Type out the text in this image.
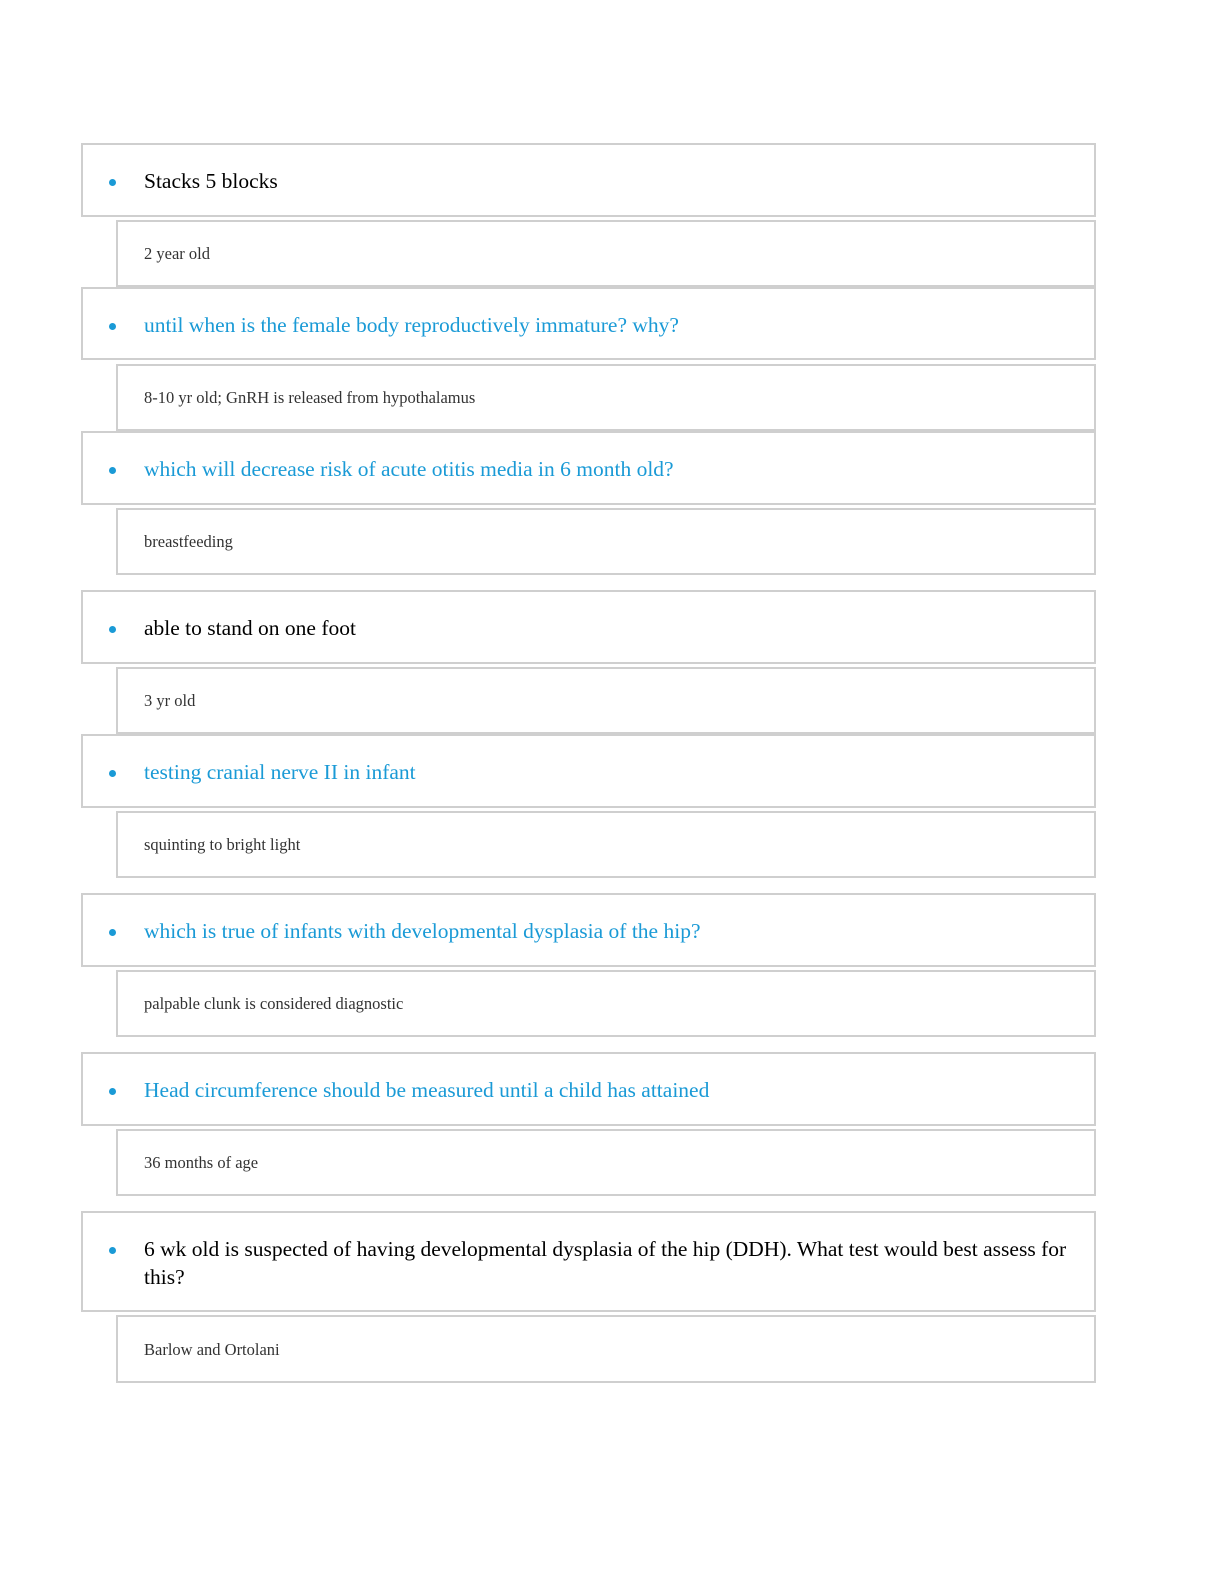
Stacks 5 blocks
2 year old
until when is the female body reproductively immature? why?
8-10 yr old; GnRH is released from hypothalamus
which will decrease risk of acute otitis media in 6 month old?
breastfeeding
able to stand on one foot
3 yr old
testing cranial nerve II in infant
squinting to bright light
which is true of infants with developmental dysplasia of the hip?
palpable clunk is considered diagnostic
Head circumference should be measured until a child has attained
36 months of age
6 wk old is suspected of having developmental dysplasia of the hip (DDH). What test would best assess for this?
Barlow and Ortolani
